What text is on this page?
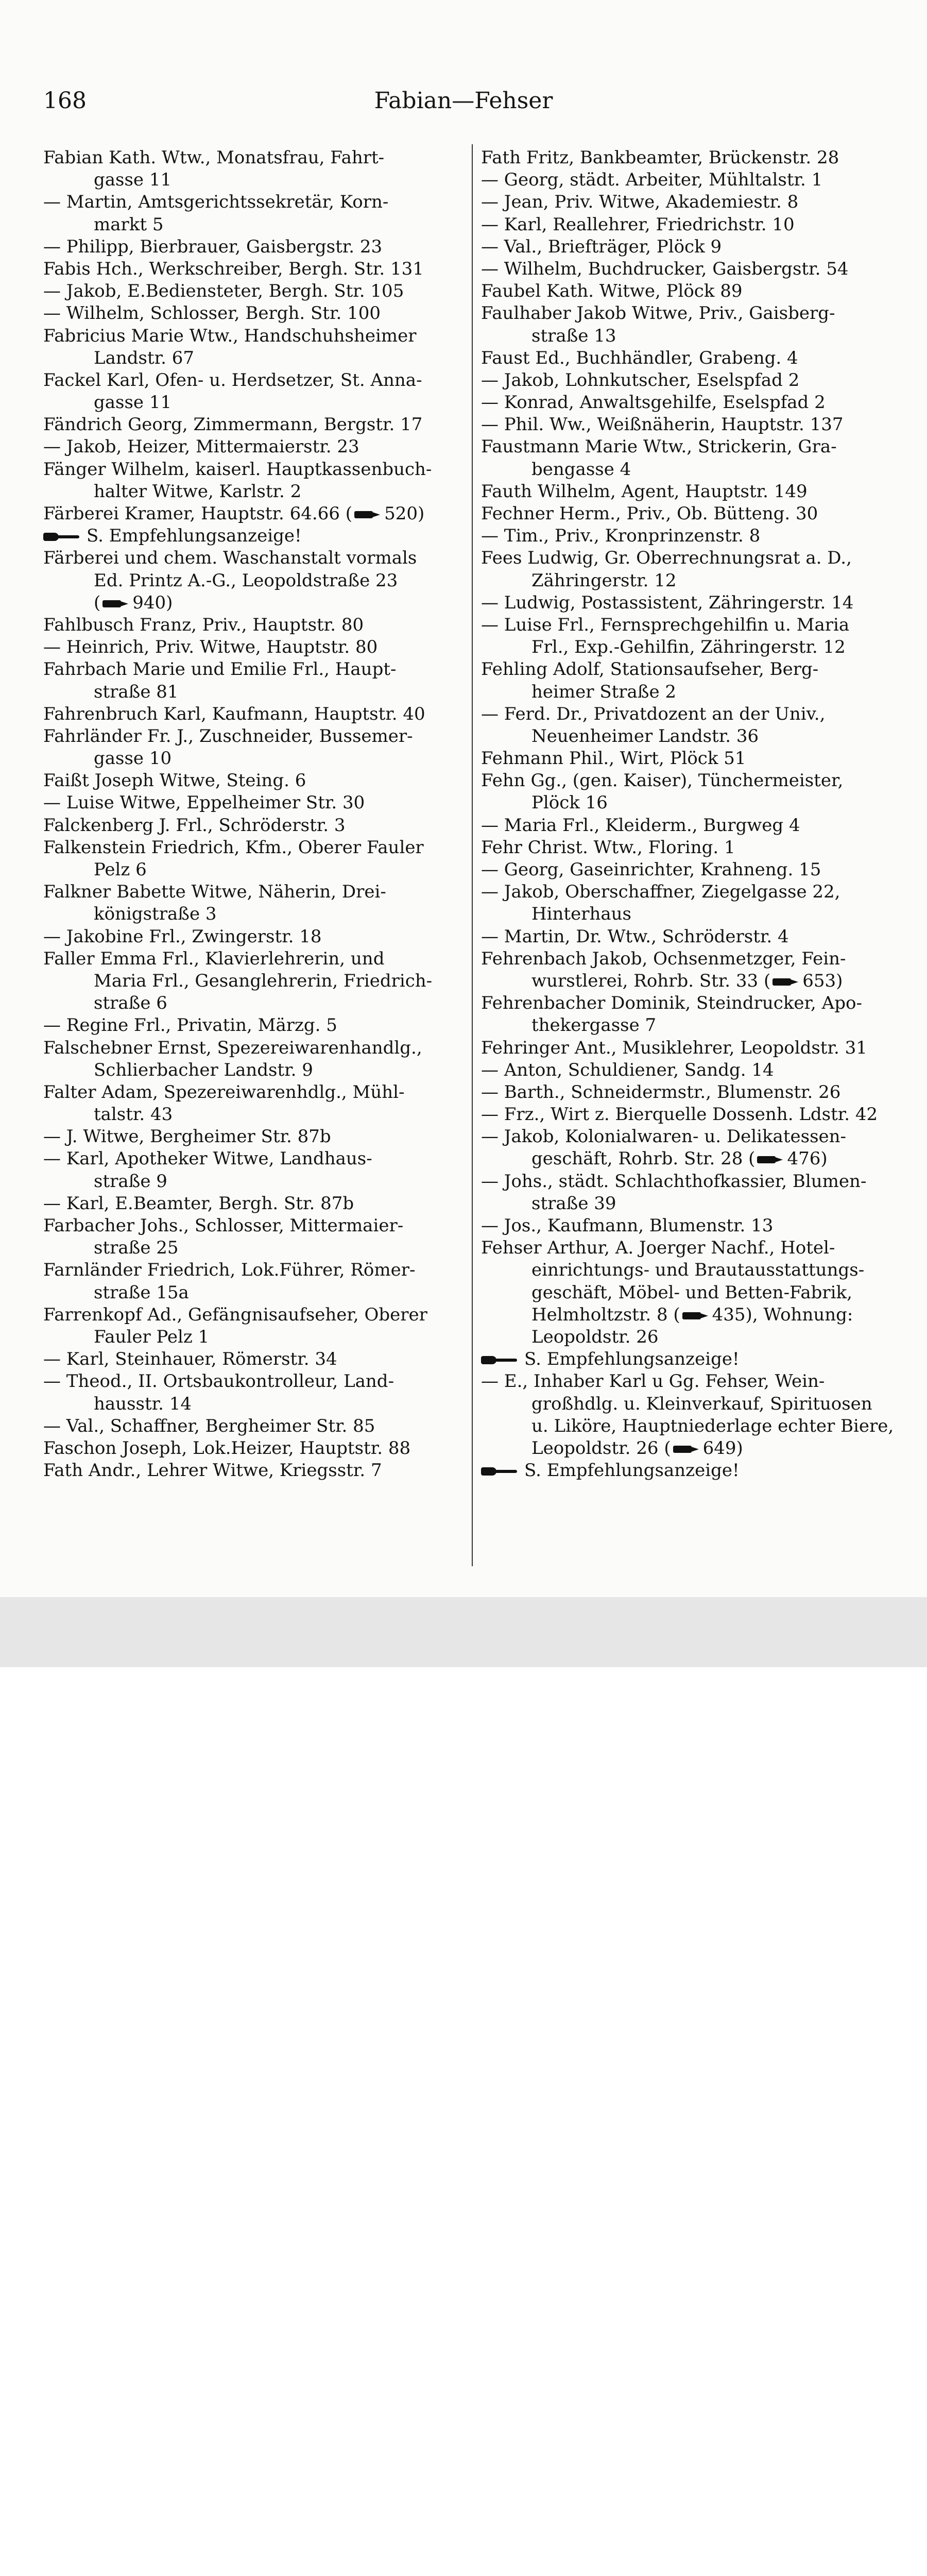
168	Fabian—Fehser
Fabian Kath. Wtw., Monatsfrau, Fahrt-
gasse 11
— Martin, Amtsgerichtssekretär, Korn-
markt 5
— Philipp, Bierbrauer, Gaisbergstr. 23
Fabis Hch., Werkschreiber, Bergh. Str. 131
— Jakob, E.Bediensteter, Bergh. Str. 105
— Wilhelm, Schlosser, Bergh. Str. 100
Fabricius Marie Wtw., Handschuhsheimer
Landstr. 67
Fackel Karl, Ofen- u. Herdsetzer, St. Anna-
gasse 11
Fändrich Georg, Zimmermann, Bergstr. 17
— Jakob, Heizer, Mittermaierstr. 23
Fänger Wilhelm, kaiserl. Hauptkassenbuch-
halter Witwe, Karlstr. 2
Färberei Kramer, Hauptstr. 64.66 ( 520)
S. Empfehlungsanzeige!
Färberei und chem. Waschanstalt vormals
Ed. Printz A.-G., Leopoldstraße 23
( 940)
Fahlbusch Franz, Priv., Hauptstr. 80
— Heinrich, Priv. Witwe, Hauptstr. 80
Fahrbach Marie und Emilie Frl., Haupt-
straße 81
Fahrenbruch Karl, Kaufmann, Hauptstr. 40
Fahrländer Fr. J., Zuschneider, Bussemer-
gasse 10
Faißt Joseph Witwe, Steing. 6
— Luise Witwe, Eppelheimer Str. 30
Falckenberg J. Frl., Schröderstr. 3
Falkenstein Friedrich, Kfm., Oberer Fauler
Pelz 6
Falkner Babette Witwe, Näherin, Drei-
königstraße 3
— Jakobine Frl., Zwingerstr. 18
Faller Emma Frl., Klavierlehrerin, und
Maria Frl., Gesanglehrerin, Friedrich-
straße 6
— Regine Frl., Privatin, Märzg. 5
Falschebner Ernst, Spezereiwarenhandlg.,
Schlierbacher Landstr. 9
Falter Adam, Spezereiwarenhdlg., Mühl-
talstr. 43
— J. Witwe, Bergheimer Str. 87b
— Karl, Apotheker Witwe, Landhaus-
straße 9
— Karl, E.Beamter, Bergh. Str. 87b
Farbacher Johs., Schlosser, Mittermaier-
straße 25
Farnländer Friedrich, Lok.Führer, Römer-
straße 15a
Farrenkopf Ad., Gefängnisaufseher, Oberer
Fauler Pelz 1
— Karl, Steinhauer, Römerstr. 34
— Theod., II. Ortsbaukontrolleur, Land-
hausstr. 14
— Val., Schaffner, Bergheimer Str. 85
Faschon Joseph, Lok.Heizer, Hauptstr. 88
Fath Andr., Lehrer Witwe, Kriegsstr. 7
Fath Fritz, Bankbeamter, Brückenstr. 28
— Georg, städt. Arbeiter, Mühltalstr. 1
— Jean, Priv. Witwe, Akademiestr. 8
— Karl, Reallehrer, Friedrichstr. 10
— Val., Briefträger, Plöck 9
— Wilhelm, Buchdrucker, Gaisbergstr. 54
Faubel Kath. Witwe, Plöck 89
Faulhaber Jakob Witwe, Priv., Gaisberg-
straße 13
Faust Ed., Buchhändler, Grabeng. 4
— Jakob, Lohnkutscher, Eselspfad 2
— Konrad, Anwaltsgehilfe, Eselspfad 2
— Phil. Ww., Weißnäherin, Hauptstr. 137
Faustmann Marie Wtw., Strickerin, Gra-
bengasse 4
Fauth Wilhelm, Agent, Hauptstr. 149
Fechner Herm., Priv., Ob. Bütteng. 30
— Tim., Priv., Kronprinzenstr. 8
Fees Ludwig, Gr. Oberrechnungsrat a. D.,
Zähringerstr. 12
— Ludwig, Postassistent, Zähringerstr. 14
— Luise Frl., Fernsprechgehilfin u. Maria
Frl., Exp.-Gehilfin, Zähringerstr. 12
Fehling Adolf, Stationsaufseher, Berg-
heimer Straße 2
— Ferd. Dr., Privatdozent an der Univ.,
Neuenheimer Landstr. 36
Fehmann Phil., Wirt, Plöck 51
Fehn Gg., (gen. Kaiser), Tünchermeister,
Plöck 16
— Maria Frl., Kleiderm., Burgweg 4
Fehr Christ. Wtw., Floring. 1
— Georg, Gaseinrichter, Krahneng. 15
— Jakob, Oberschaffner, Ziegelgasse 22,
Hinterhaus
— Martin, Dr. Wtw., Schröderstr. 4
Fehrenbach Jakob, Ochsenmetzger, Fein-
wurstlerei, Rohrb. Str. 33 ( 653)
Fehrenbacher Dominik, Steindrucker, Apo-
thekergasse 7
Fehringer Ant., Musiklehrer, Leopoldstr. 31
— Anton, Schuldiener, Sandg. 14
— Barth., Schneidermstr., Blumenstr. 26
— Frz., Wirt z. Bierquelle Dossenh. Ldstr. 42
— Jakob, Kolonialwaren- u. Delikatessen-
geschäft, Rohrb. Str. 28 ( 476)
— Johs., städt. Schlachthofkassier, Blumen-
straße 39
— Jos., Kaufmann, Blumenstr. 13
Fehser Arthur, A. Joerger Nachf., Hotel-
einrichtungs- und Brautausstattungs-
geschäft, Möbel- und Betten-Fabrik,
Helmholtzstr. 8 ( 435), Wohnung:
Leopoldstr. 26
S. Empfehlungsanzeige!
— E., Inhaber Karl u Gg. Fehser, Wein-
großhdlg. u. Kleinverkauf, Spirituosen
u. Liköre, Hauptniederlage echter Biere,
Leopoldstr. 26 ( 649)
S. Empfehlungsanzeige!
